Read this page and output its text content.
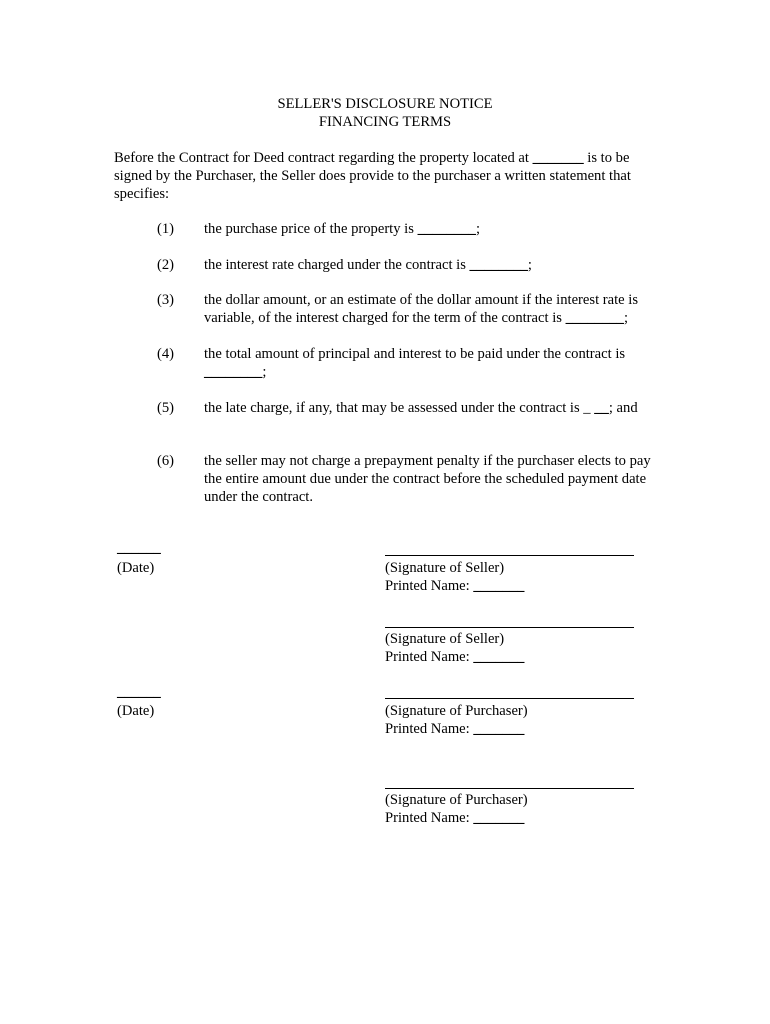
SELLER'S DISCLOSURE NOTICE
FINANCING TERMS
Before the Contract for Deed contract regarding the property located at _______ is to be signed by the Purchaser, the Seller does provide to the purchaser a written statement that specifies:
(1)	the purchase price of the property is ________;
(2)	the interest rate charged under the contract is ________;
(3)	the dollar amount, or an estimate of the dollar amount if the interest rate is variable, of the interest charged for the term of the contract is ________;
(4)	the total amount of principal and interest to be paid under the contract is ________;
(5)	the late charge, if any, that may be assessed under the contract is _ __; and
(6)	the seller may not charge a prepayment penalty if the purchaser elects to pay the entire amount due under the contract before the scheduled payment date under the contract.
______
(Date)	(Signature of Seller)
Printed Name: _______
(Signature of Seller)
Printed Name: _______
______
(Date)	(Signature of Purchaser)
Printed Name: _______
(Signature of Purchaser)
Printed Name: _______
